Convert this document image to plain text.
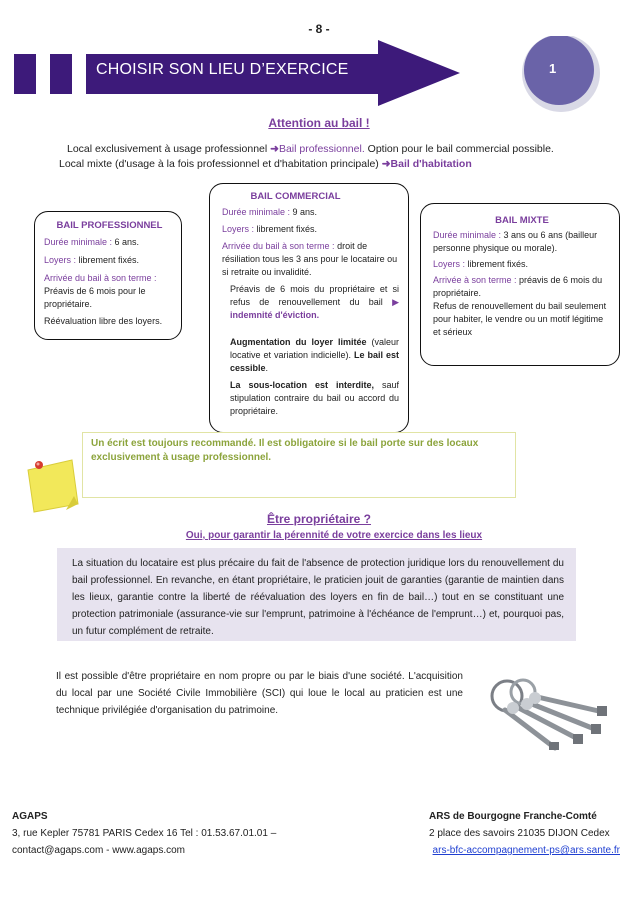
- 8 -
CHOISIR SON LIEU D’EXERCICE	1
Attention au bail !
Local exclusivement à usage professionnel ➜Bail professionnel. Option pour le bail commercial possible.
Local mixte (d'usage à la fois professionnel et d'habitation principale) ➜Bail d'habitation
BAIL PROFESSIONNEL

Durée minimale : 6 ans.

Loyers : librement fixés.

Arrivée du bail à son terme :

Préavis de 6 mois pour le propriétaire.

Réévaluation libre des loyers.

BAIL COMMERCIAL

Durée minimale : 9 ans.

Loyers : librement fixés.

Arrivée du bail à son terme : droit de résiliation tous les 3 ans pour le locataire ou si retraite ou invalidité.

Préavis de 6 mois du propriétaire et si refus de renouvellement du bail ▶ indemnité d'éviction.

Augmentation du loyer limitée (valeur locative et variation indicielle). Le bail est cessible.

La sous-location est interdite, sauf stipulation contraire du bail ou accord du propriétaire.

BAIL MIXTE

Durée minimale : 3 ans ou 6 ans (bailleur personne physique ou morale).

Loyers : librement fixés.

Arrivée à son terme : préavis de 6 mois du propriétaire.

Refus de renouvellement du bail seulement pour habiter, le vendre ou un motif légitime et sérieux

Un écrit est toujours recommandé. Il est obligatoire si le bail porte sur des locaux exclusivement à usage professionnel.
Être propriétaire ?
Oui, pour garantir la pérennité de votre exercice dans les lieux
La situation du locataire est plus précaire du fait de l'absence de protection juridique lors du renouvellement du bail professionnel. En revanche, en étant propriétaire, le praticien jouit de garanties (garantie de maintien dans les lieux, garantie contre la liberté de réévaluation des loyers en fin de bail…) tout en se constituant une protection patrimoniale (assurance-vie sur l'emprunt, patrimoine à l'échéance de l'emprunt…) et, pourquoi pas, un futur complément de retraite.
Il est possible d'être propriétaire en nom propre ou par le biais d'une société. L'acquisition du local par une Société Civile Immobilière (SCI) qui loue le local au praticien est une technique privilégiée d'organisation du patrimoine.
AGAPS
3, rue Kepler 75781 PARIS Cedex 16 Tel : 01.53.67.01.01 –
contact@agaps.com - www.agaps.com
ARS de Bourgogne Franche-Comté
2 place des savoirs 21035 DIJON Cedex
ars-bfc-accompagnement-ps@ars.sante.fr
